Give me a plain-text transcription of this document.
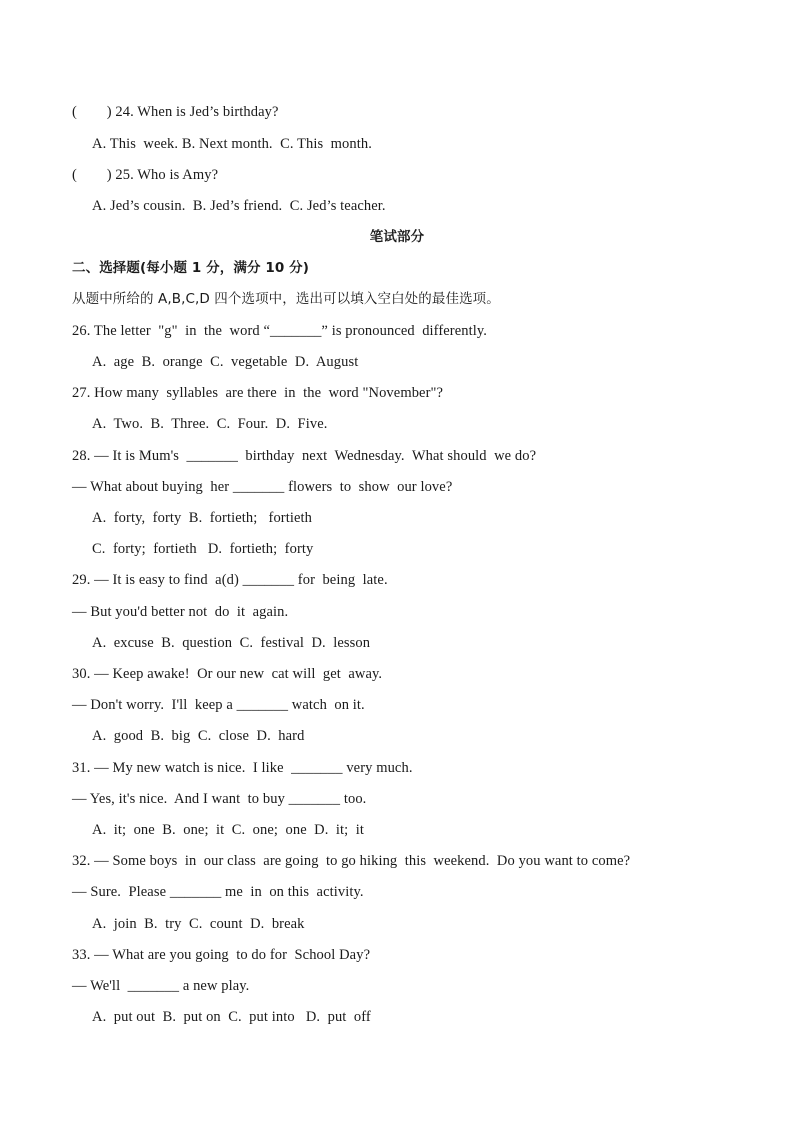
(        ) 24. When is Jed’s birthday?
A. This  week. B. Next month.  C. This  month.
(        ) 25. Who is Amy?
A. Jed’s cousin.  B. Jed’s friend.  C. Jed’s teacher.
笔试部分
二、选择题(每小题 1 分，满分 10 分)
从题中所给的 A,B,C,D 四个选项中，选出可以填入空白处的最佳选项。
26. The letter  "g"  in  the  word “_______” is pronounced  differently.
A.  age  B.  orange  C.  vegetable  D.  August
27. How many  syllables  are there  in  the  word "November"?
A.  Two.  B.  Three.  C.  Four.  D.  Five.
28. — It is Mum's  _______  birthday  next  Wednesday.  What should  we do?
— What about buying  her _______ flowers  to  show  our love?
A.  forty,  forty  B.  fortieth;   fortieth
C.  forty;  fortieth   D.  fortieth;  forty
29. — It is easy to find  a(d) _______ for  being  late.
— But you'd better not  do  it  again.
A.  excuse  B.  question  C.  festival  D.  lesson
30. — Keep awake!  Or our new  cat will  get  away.
— Don't worry.  I'll  keep a _______ watch  on it.
A.  good  B.  big  C.  close  D.  hard
31. — My new watch is nice.  I like  _______ very much.
— Yes, it's nice.  And I want  to buy _______ too.
A.  it;  one  B.  one;  it  C.  one;  one  D.  it;  it
32. — Some boys  in  our class  are going  to go hiking  this  weekend.  Do you want to come?
— Sure.  Please _______ me  in  on this  activity.
A.  join  B.  try  C.  count  D.  break
33. — What are you going  to do for  School Day?
— We'll  _______ a new play.
A.  put out  B.  put on  C.  put into   D.  put  off
